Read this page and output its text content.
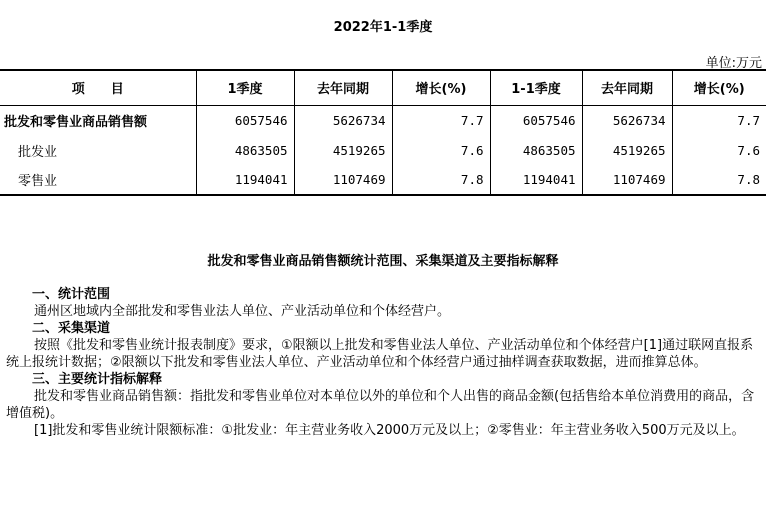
2022年1-1季度
单位:万元
项　　目	1季度	去年同期	增长(%)	1-1季度	去年同期	增长(%)
批发和零售业商品销售额	6057546	5626734	7.7	6057546	5626734	7.7
批发业	4863505	4519265	7.6	4863505	4519265	7.6
零售业	1194041	1107469	7.8	1194041	1107469	7.8
批发和零售业商品销售额统计范围、采集渠道及主要指标解释

一、统计范围

通州区地域内全部批发和零售业法人单位、产业活动单位和个体经营户。

二、采集渠道

按照《批发和零售业统计报表制度》要求，①限额以上批发和零售业法人单位、产业活动单位和个体经营户[1]通过联网直报系统上报统计数据；②限额以下批发和零售业法人单位、产业活动单位和个体经营户通过抽样调查获取数据，进而推算总体。

三、主要统计指标解释

批发和零售业商品销售额：指批发和零售业单位对本单位以外的单位和个人出售的商品金额(包括售给本单位消费用的商品，含增值税)。

[1]批发和零售业统计限额标准：①批发业：年主营业务收入2000万元及以上；②零售业：年主营业务收入500万元及以上。
